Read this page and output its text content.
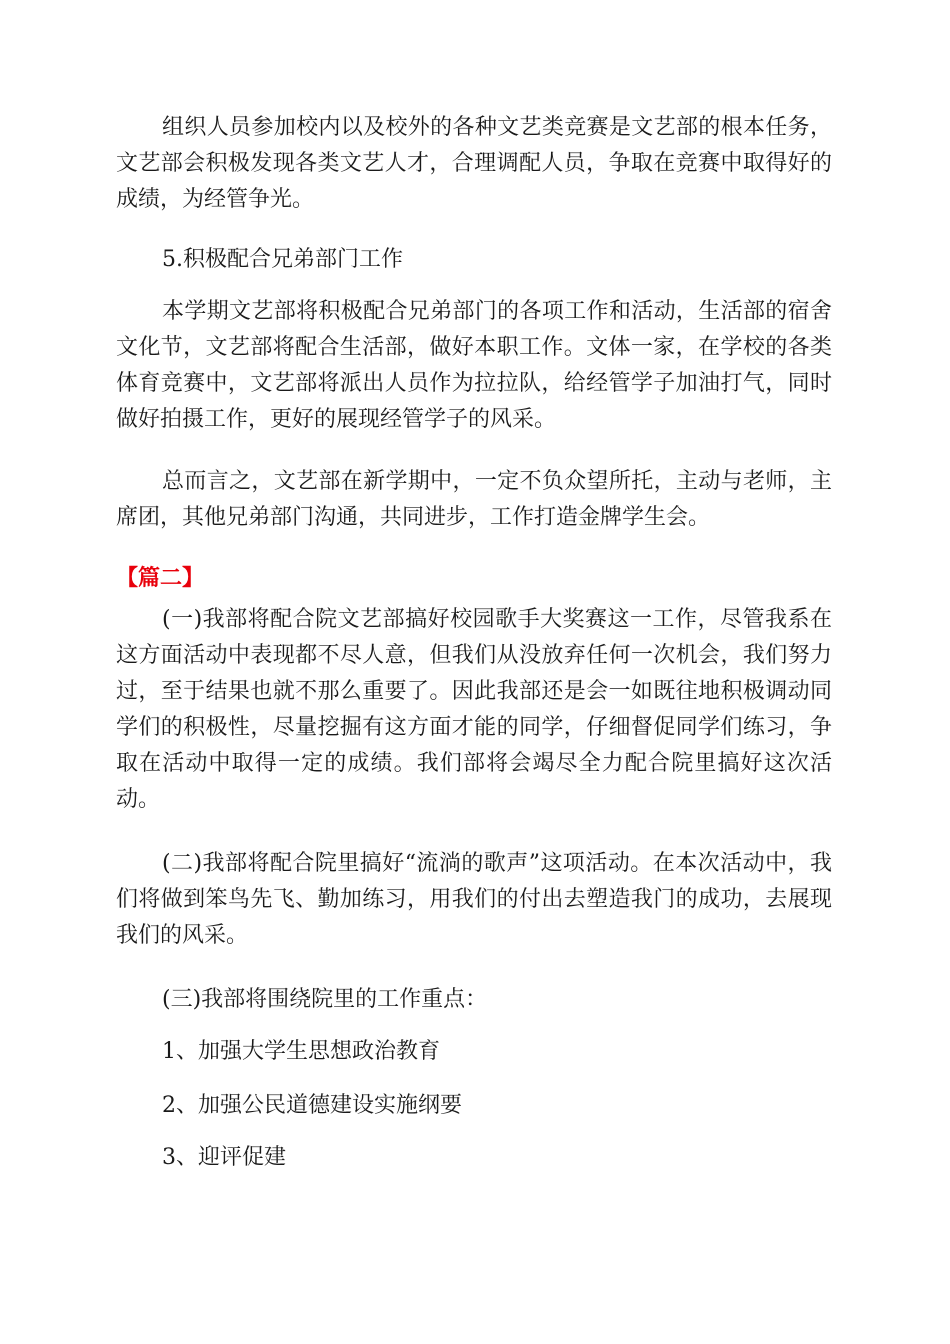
组织人员参加校内以及校外的各种文艺类竞赛是文艺部的根本任务，文艺部会积极发现各类文艺人才，合理调配人员，争取在竞赛中取得好的成绩，为经管争光。

5.积极配合兄弟部门工作

本学期文艺部将积极配合兄弟部门的各项工作和活动，生活部的宿舍文化节，文艺部将配合生活部，做好本职工作。文体一家，在学校的各类体育竞赛中，文艺部将派出人员作为拉拉队，给经管学子加油打气，同时做好拍摄工作，更好的展现经管学子的风采。

总而言之，文艺部在新学期中，一定不负众望所托，主动与老师，主席团，其他兄弟部门沟通，共同进步，工作打造金牌学生会。

【篇二】

(一)我部将配合院文艺部搞好校园歌手大奖赛这一工作，尽管我系在这方面活动中表现都不尽人意，但我们从没放弃任何一次机会，我们努力过，至于结果也就不那么重要了。因此我部还是会一如既往地积极调动同学们的积极性，尽量挖掘有这方面才能的同学，仔细督促同学们练习，争取在活动中取得一定的成绩。我们部将会竭尽全力配合院里搞好这次活动。

(二)我部将配合院里搞好“流淌的歌声”这项活动。在本次活动中，我们将做到笨鸟先飞、勤加练习，用我们的付出去塑造我门的成功，去展现我们的风采。

(三)我部将围绕院里的工作重点：

1、加强大学生思想政治教育

2、加强公民道德建设实施纲要

3、迎评促建
